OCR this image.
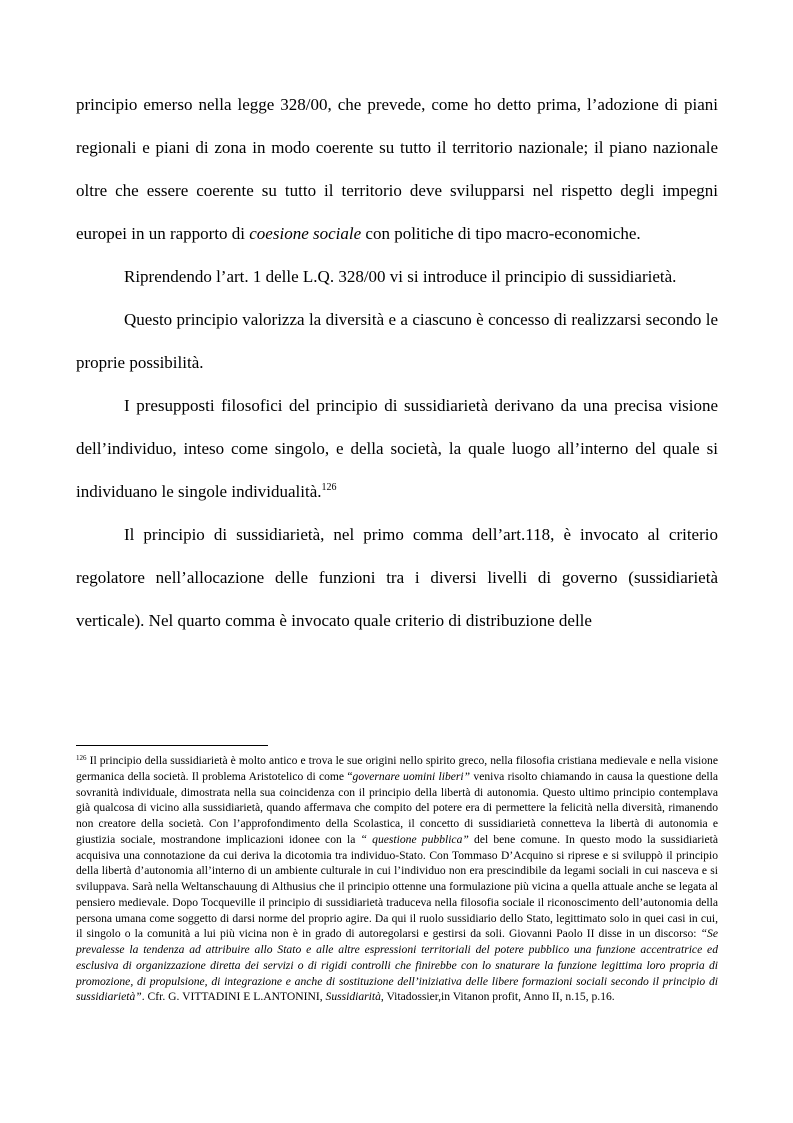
principio emerso nella legge 328/00, che prevede, come ho detto prima, l’adozione di piani regionali e piani di zona in modo coerente su tutto il territorio nazionale; il piano nazionale oltre che essere coerente su tutto il territorio deve svilupparsi nel rispetto degli impegni europei in un rapporto di coesione sociale con politiche di tipo macro-economiche.

Riprendendo l’art. 1 delle L.Q. 328/00 vi si introduce il principio di sussidiarietà.

Questo principio valorizza la diversità e a ciascuno è concesso di realizzarsi secondo le proprie possibilità.

I presupposti filosofici del principio di sussidiarietà derivano da una precisa visione dell’individuo, inteso come singolo, e della società, la quale luogo all’interno del quale si individuano le singole individualità.$^{126}$

Il principio di sussidiarietà, nel primo comma dell’art.118, è invocato al criterio regolatore nell’allocazione delle funzioni tra i diversi livelli di governo (sussidiarietà verticale). Nel quarto comma è invocato quale criterio di distribuzione delle

$^{126}$ Il principio della sussidiarietà è molto antico e trova le sue origini nello spirito greco, nella filosofia cristiana medievale e nella visione germanica della società. Il problema Aristotelico di come “governare uomini liberi” veniva risolto chiamando in causa la questione della sovranità individuale, dimostrata nella sua coincidenza con il principio della libertà di autonomia. Questo ultimo principio contemplava già qualcosa di vicino alla sussidiarietà, quando affermava che compito del potere era di permettere la felicità nella diversità, rimanendo non creatore della società. Con l’approfondimento della Scolastica, il concetto di sussidiarietà connetteva la libertà di autonomia e giustizia sociale, mostrandone implicazioni idonee con la “ questione pubblica” del bene comune. In questo modo la sussidiarietà acquisiva una connotazione da cui deriva la dicotomia tra individuo-Stato. Con Tommaso D’Acquino si riprese e si sviluppò il principio della libertà d’autonomia all’interno di un ambiente culturale in cui l’individuo non era prescindibile da legami sociali in cui nasceva e si sviluppava. Sarà nella Weltanschauung di Althusius che il principio ottenne una formulazione più vicina a quella attuale anche se legata al pensiero medievale. Dopo Tocqueville il principio di sussidiarietà traduceva nella filosofia sociale il riconoscimento dell’autonomia della persona umana come soggetto di darsi norme del proprio agire. Da qui il ruolo sussidiario dello Stato, legittimato solo in quei casi in cui, il singolo o la comunità a lui più vicina non è in grado di autoregolarsi e gestirsi da soli. Giovanni Paolo II disse in un discorso: “Se prevalesse la tendenza ad attribuire allo Stato e alle altre espressioni territoriali del potere pubblico una funzione accentratrice ed esclusiva di organizzazione diretta dei servizi o di rigidi controlli che finirebbe con lo snaturare la funzione legittima loro propria di promozione, di propulsione, di integrazione e anche di sostituzione dell’iniziativa delle libere formazioni sociali secondo il principio di sussidiarietà”. Cfr. G. VITTADINI E L.ANTONINI, Sussidiarità, Vitadossier,in Vitanon profit, Anno II, n.15, p.16.
